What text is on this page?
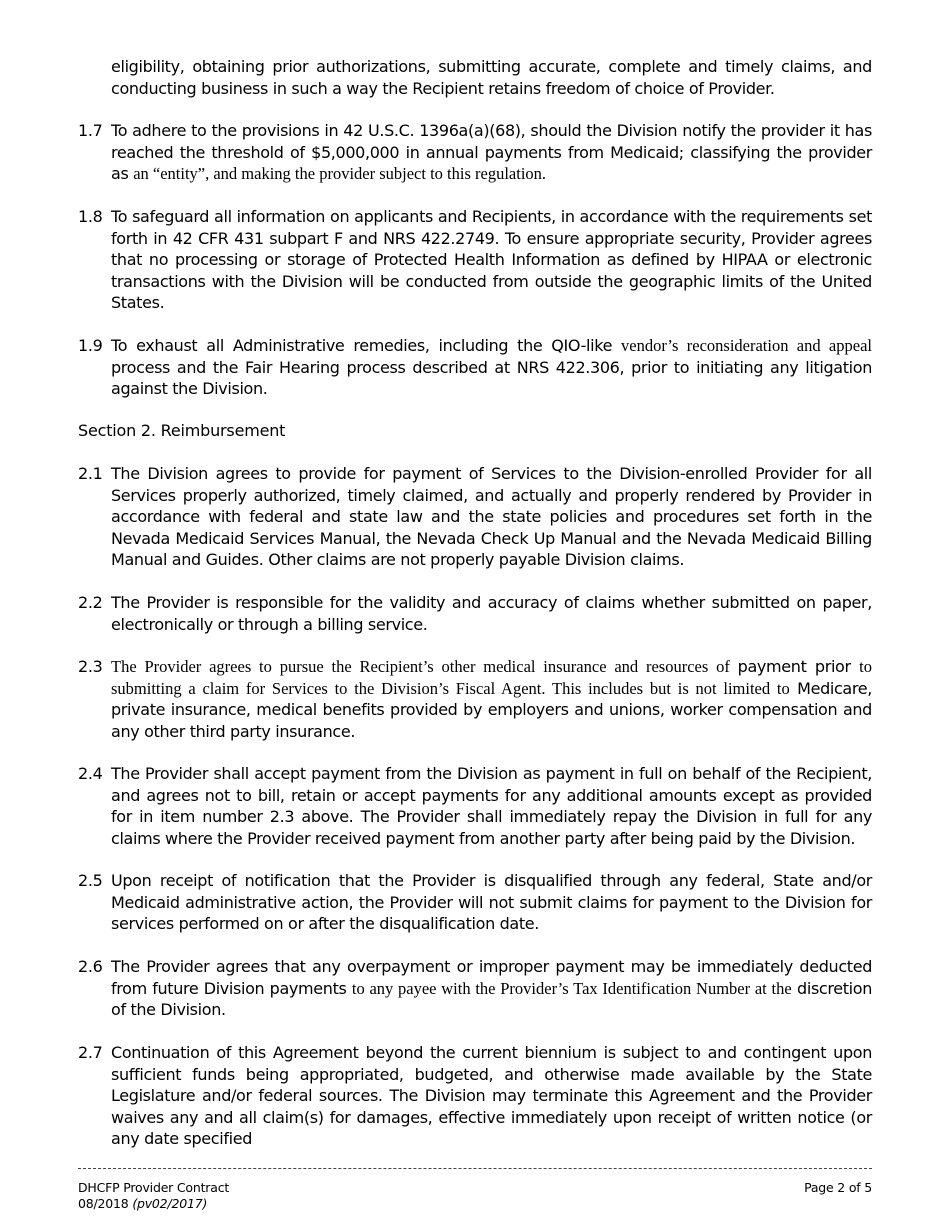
eligibility, obtaining prior authorizations, submitting accurate, complete and timely claims, and conducting business in such a way the Recipient retains freedom of choice of Provider.
1.7 To adhere to the provisions in 42 U.S.C. 1396a(a)(68), should the Division notify the provider it has reached the threshold of $5,000,000 in annual payments from Medicaid; classifying the provider as an “entity”, and making the provider subject to this regulation.
1.8 To safeguard all information on applicants and Recipients, in accordance with the requirements set forth in 42 CFR 431 subpart F and NRS 422.2749. To ensure appropriate security, Provider agrees that no processing or storage of Protected Health Information as defined by HIPAA or electronic transactions with the Division will be conducted from outside the geographic limits of the United States.
1.9 To exhaust all Administrative remedies, including the QIO-like vendor’s reconsideration and appeal process and the Fair Hearing process described at NRS 422.306, prior to initiating any litigation against the Division.
Section 2. Reimbursement
2.1 The Division agrees to provide for payment of Services to the Division-enrolled Provider for all Services properly authorized, timely claimed, and actually and properly rendered by Provider in accordance with federal and state law and the state policies and procedures set forth in the Nevada Medicaid Services Manual, the Nevada Check Up Manual and the Nevada Medicaid Billing Manual and Guides. Other claims are not properly payable Division claims.
2.2 The Provider is responsible for the validity and accuracy of claims whether submitted on paper, electronically or through a billing service.
2.3 The Provider agrees to pursue the Recipient’s other medical insurance and resources of payment prior to submitting a claim for Services to the Division’s Fiscal Agent. This includes but is not limited to Medicare, private insurance, medical benefits provided by employers and unions, worker compensation and any other third party insurance.
2.4 The Provider shall accept payment from the Division as payment in full on behalf of the Recipient, and agrees not to bill, retain or accept payments for any additional amounts except as provided for in item number 2.3 above. The Provider shall immediately repay the Division in full for any claims where the Provider received payment from another party after being paid by the Division.
2.5 Upon receipt of notification that the Provider is disqualified through any federal, State and/or Medicaid administrative action, the Provider will not submit claims for payment to the Division for services performed on or after the disqualification date.
2.6 The Provider agrees that any overpayment or improper payment may be immediately deducted from future Division payments to any payee with the Provider’s Tax Identification Number at the discretion of the Division.
2.7 Continuation of this Agreement beyond the current biennium is subject to and contingent upon sufficient funds being appropriated, budgeted, and otherwise made available by the State Legislature and/or federal sources. The Division may terminate this Agreement and the Provider waives any and all claim(s) for damages, effective immediately upon receipt of written notice (or any date specified
DHCFP Provider Contract
08/2018 (pv02/2017)
Page 2 of 5
